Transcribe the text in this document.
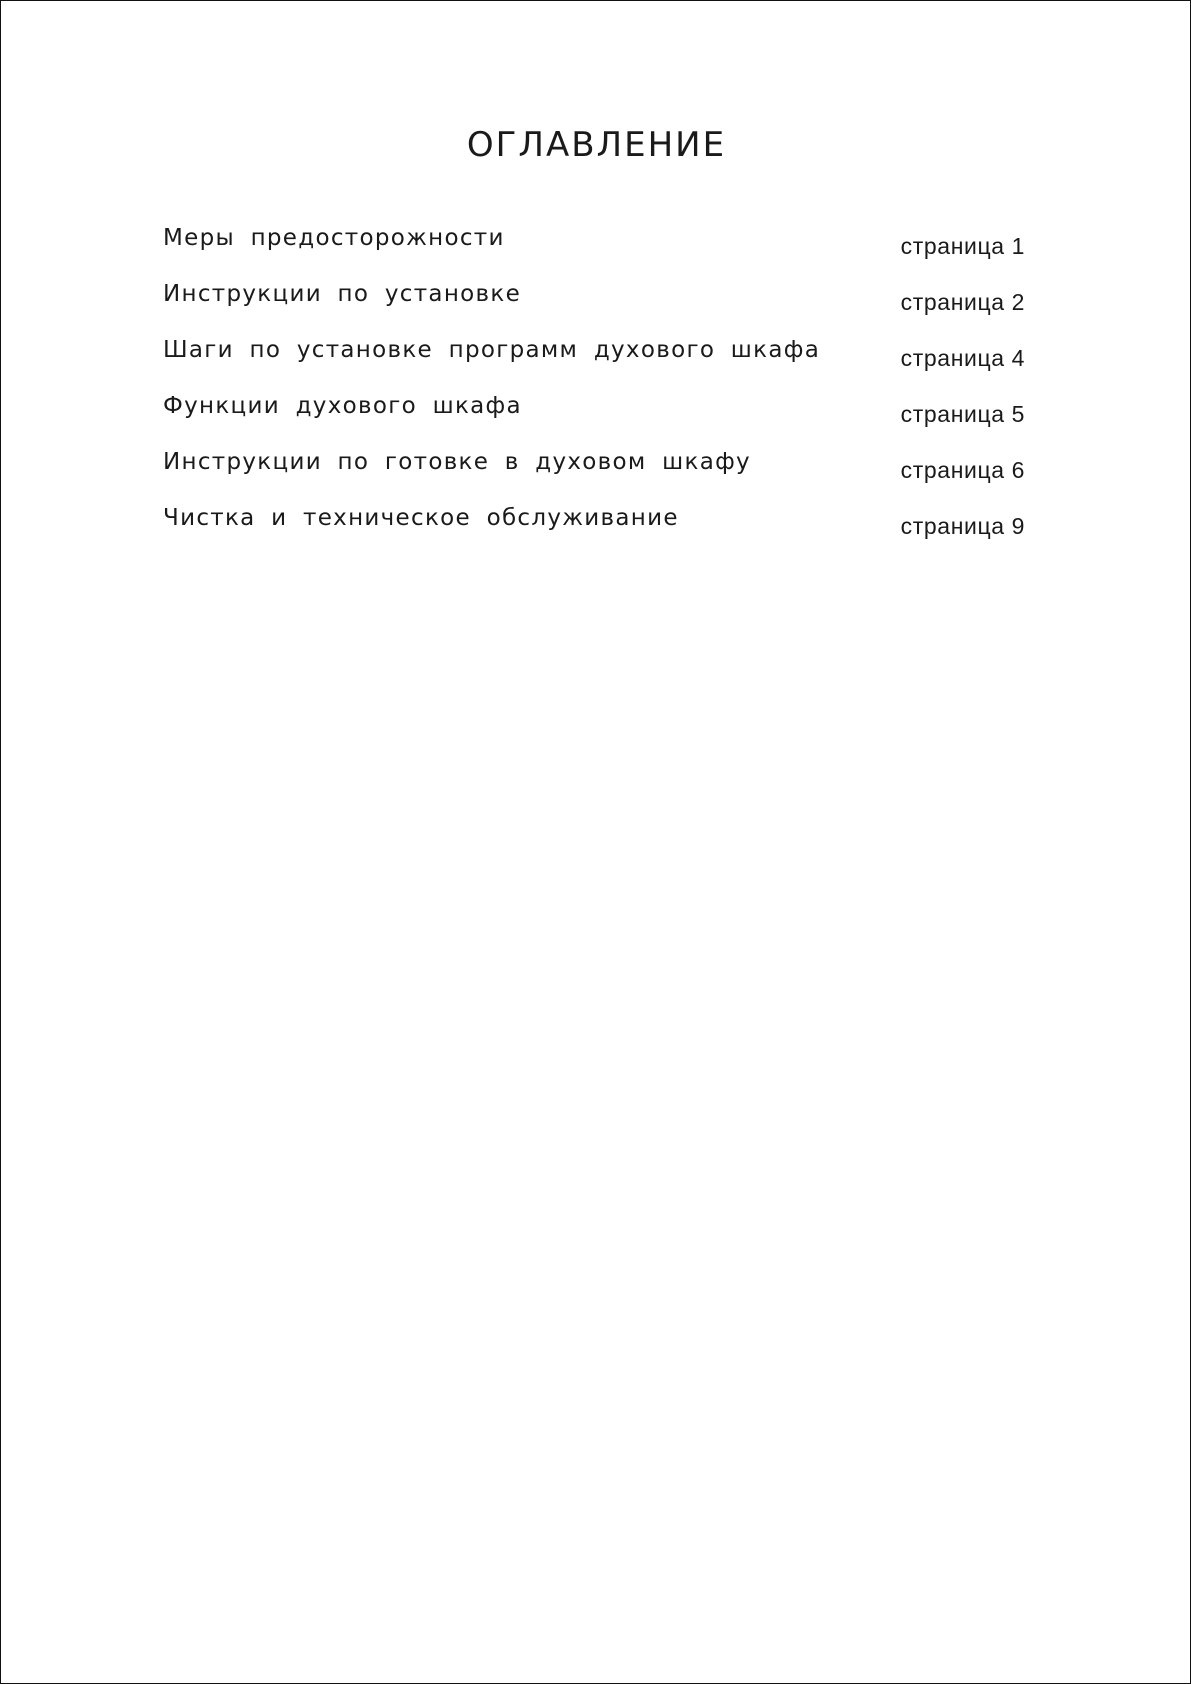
ОГЛАВЛЕНИЕ
Меры предосторожности	страница 1
Инструкции по установке	страница 2
Шаги по установке программ духового шкафа	страница 4
Функции духового шкафа	страница 5
Инструкции по готовке в духовом шкафу	страница 6
Чистка и техническое обслуживание	страница 9
